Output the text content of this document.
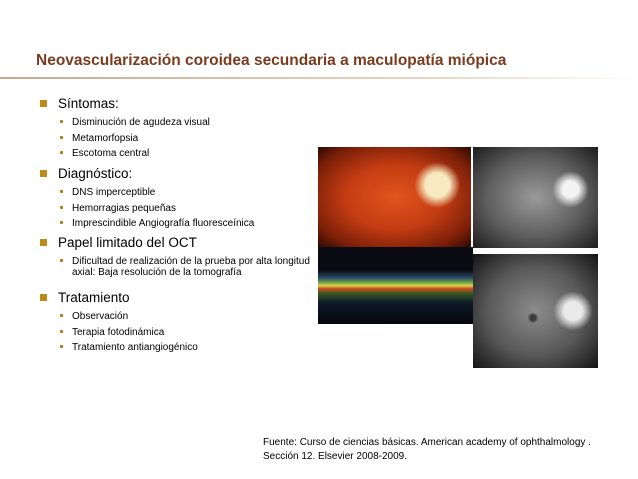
Neovascularización coroidea secundaria a maculopatía miópica
Síntomas:
Disminución de agudeza visual
Metamorfopsia
Escotoma central
Diagnóstico:
DNS imperceptible
Hemorragias pequeñas
Imprescindible Angiografía fluoresceínica
Papel limitado del OCT
Dificultad de realización de la prueba por alta longitud axial: Baja resolución de la tomografía
Tratamiento
Observación
Terapia fotodinámica
Tratamiento antiangiogénico
Fuente: Curso de ciencias básicas. American academy of ophthalmology . Sección 12. Elsevier 2008-2009.
